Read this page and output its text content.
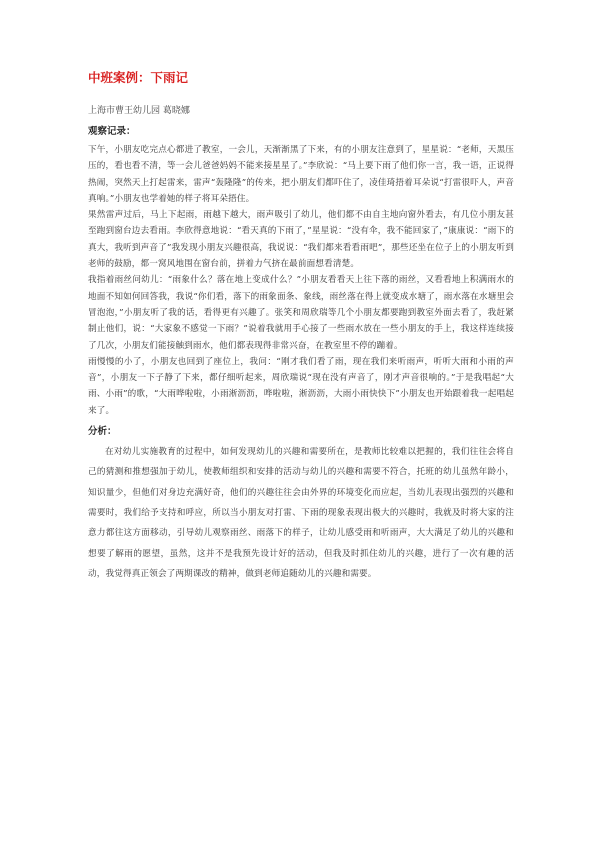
中班案例：下雨记

上海市曹王幼儿园 葛晓娜

观察记录：

下午，小朋友吃完点心都进了教室，一会儿，天渐渐黑了下来，有的小朋友注意到了，星星说：“老师，天黑压压的，看也看不清，等一会儿爸爸妈妈不能来接星星了。”李欣说：“马上要下雨了他们你一言，我一语，正说得热闹，突然天上打起雷来，雷声“轰隆隆”的传来，把小朋友们都吓住了，凌佳琦捂着耳朵说“打雷很吓人，声音真响。”小朋友也学着她的样子将耳朵捂住。

果然雷声过后，马上下起雨，雨越下越大，雨声吸引了幼儿，他们都不由自主地向窗外看去，有几位小朋友甚至跑到窗台边去看雨。李欣得意地说：“看天真的下雨了，”星星说：“没有伞，我不能回家了，”康康说：“雨下的真大，我听到声音了”我发现小朋友兴趣很高，我说说：“我们都来看看雨吧”，那些还坐在位子上的小朋友听到老师的鼓励，都一窝风地围在窗台前，拼着力气挤在最前面想看清楚。

我指着雨丝问幼儿：“雨象什么？落在地上变成什么？”小朋友看看天上往下落的雨丝，又看看地上积满雨水的地面不知如何回答我，我说“你们看，落下的雨象面条、象线，雨丝落在得上就变成水塘了，雨水落在水塘里会冒泡泡，”小朋友听了我的话，看得更有兴趣了。张笑和周欣瑞等几个小朋友都要跑到教室外面去看了，我赶紧制止他们，说：“大家象不感觉一下雨？”说着我就用手心接了一些雨水放在一些小朋友的手上，我这样连续接了几次，小朋友们能接触到雨水，他们都表现得非常兴奋，在教室里不停的蹦着。

雨慢慢的小了，小朋友也回到了座位上，我问：“刚才我们看了雨，现在我们来听雨声，听听大雨和小雨的声音”，小朋友一下子静了下来，都仔细听起来，周欣瑞说“现在没有声音了，刚才声音很响的。”于是我唱起“大雨、小雨”的歌，“大雨哗啦啦，小雨淅沥沥，哗啦啦，淅沥沥，大雨小雨快快下”小朋友也开始跟着我一起唱起来了。

分析：

在对幼儿实施教育的过程中，如何发现幼儿的兴趣和需要所在，是教师比较难以把握的，我们往往会将自己的猜测和推想强加于幼儿，使教师组织和安排的活动与幼儿的兴趣和需要不符合，托班的幼儿虽然年龄小，知识量少，但他们对身边充满好奇，他们的兴趣往往会由外界的环境变化而应起，当幼儿表现出强烈的兴趣和需要时，我们给予支持和呼应，所以当小朋友对打雷、下雨的现象表现出极大的兴趣时，我就及时将大家的注意力都往这方面移动，引导幼儿观察雨丝、雨落下的样子，让幼儿感受雨和听雨声，大大满足了幼儿的兴趣和想要了解雨的愿望，虽然，这并不是我预先设计好的活动，但我及时抓住幼儿的兴趣，进行了一次有趣的活动，我觉得真正领会了两期课改的精神，做到老师追随幼儿的兴趣和需要。
